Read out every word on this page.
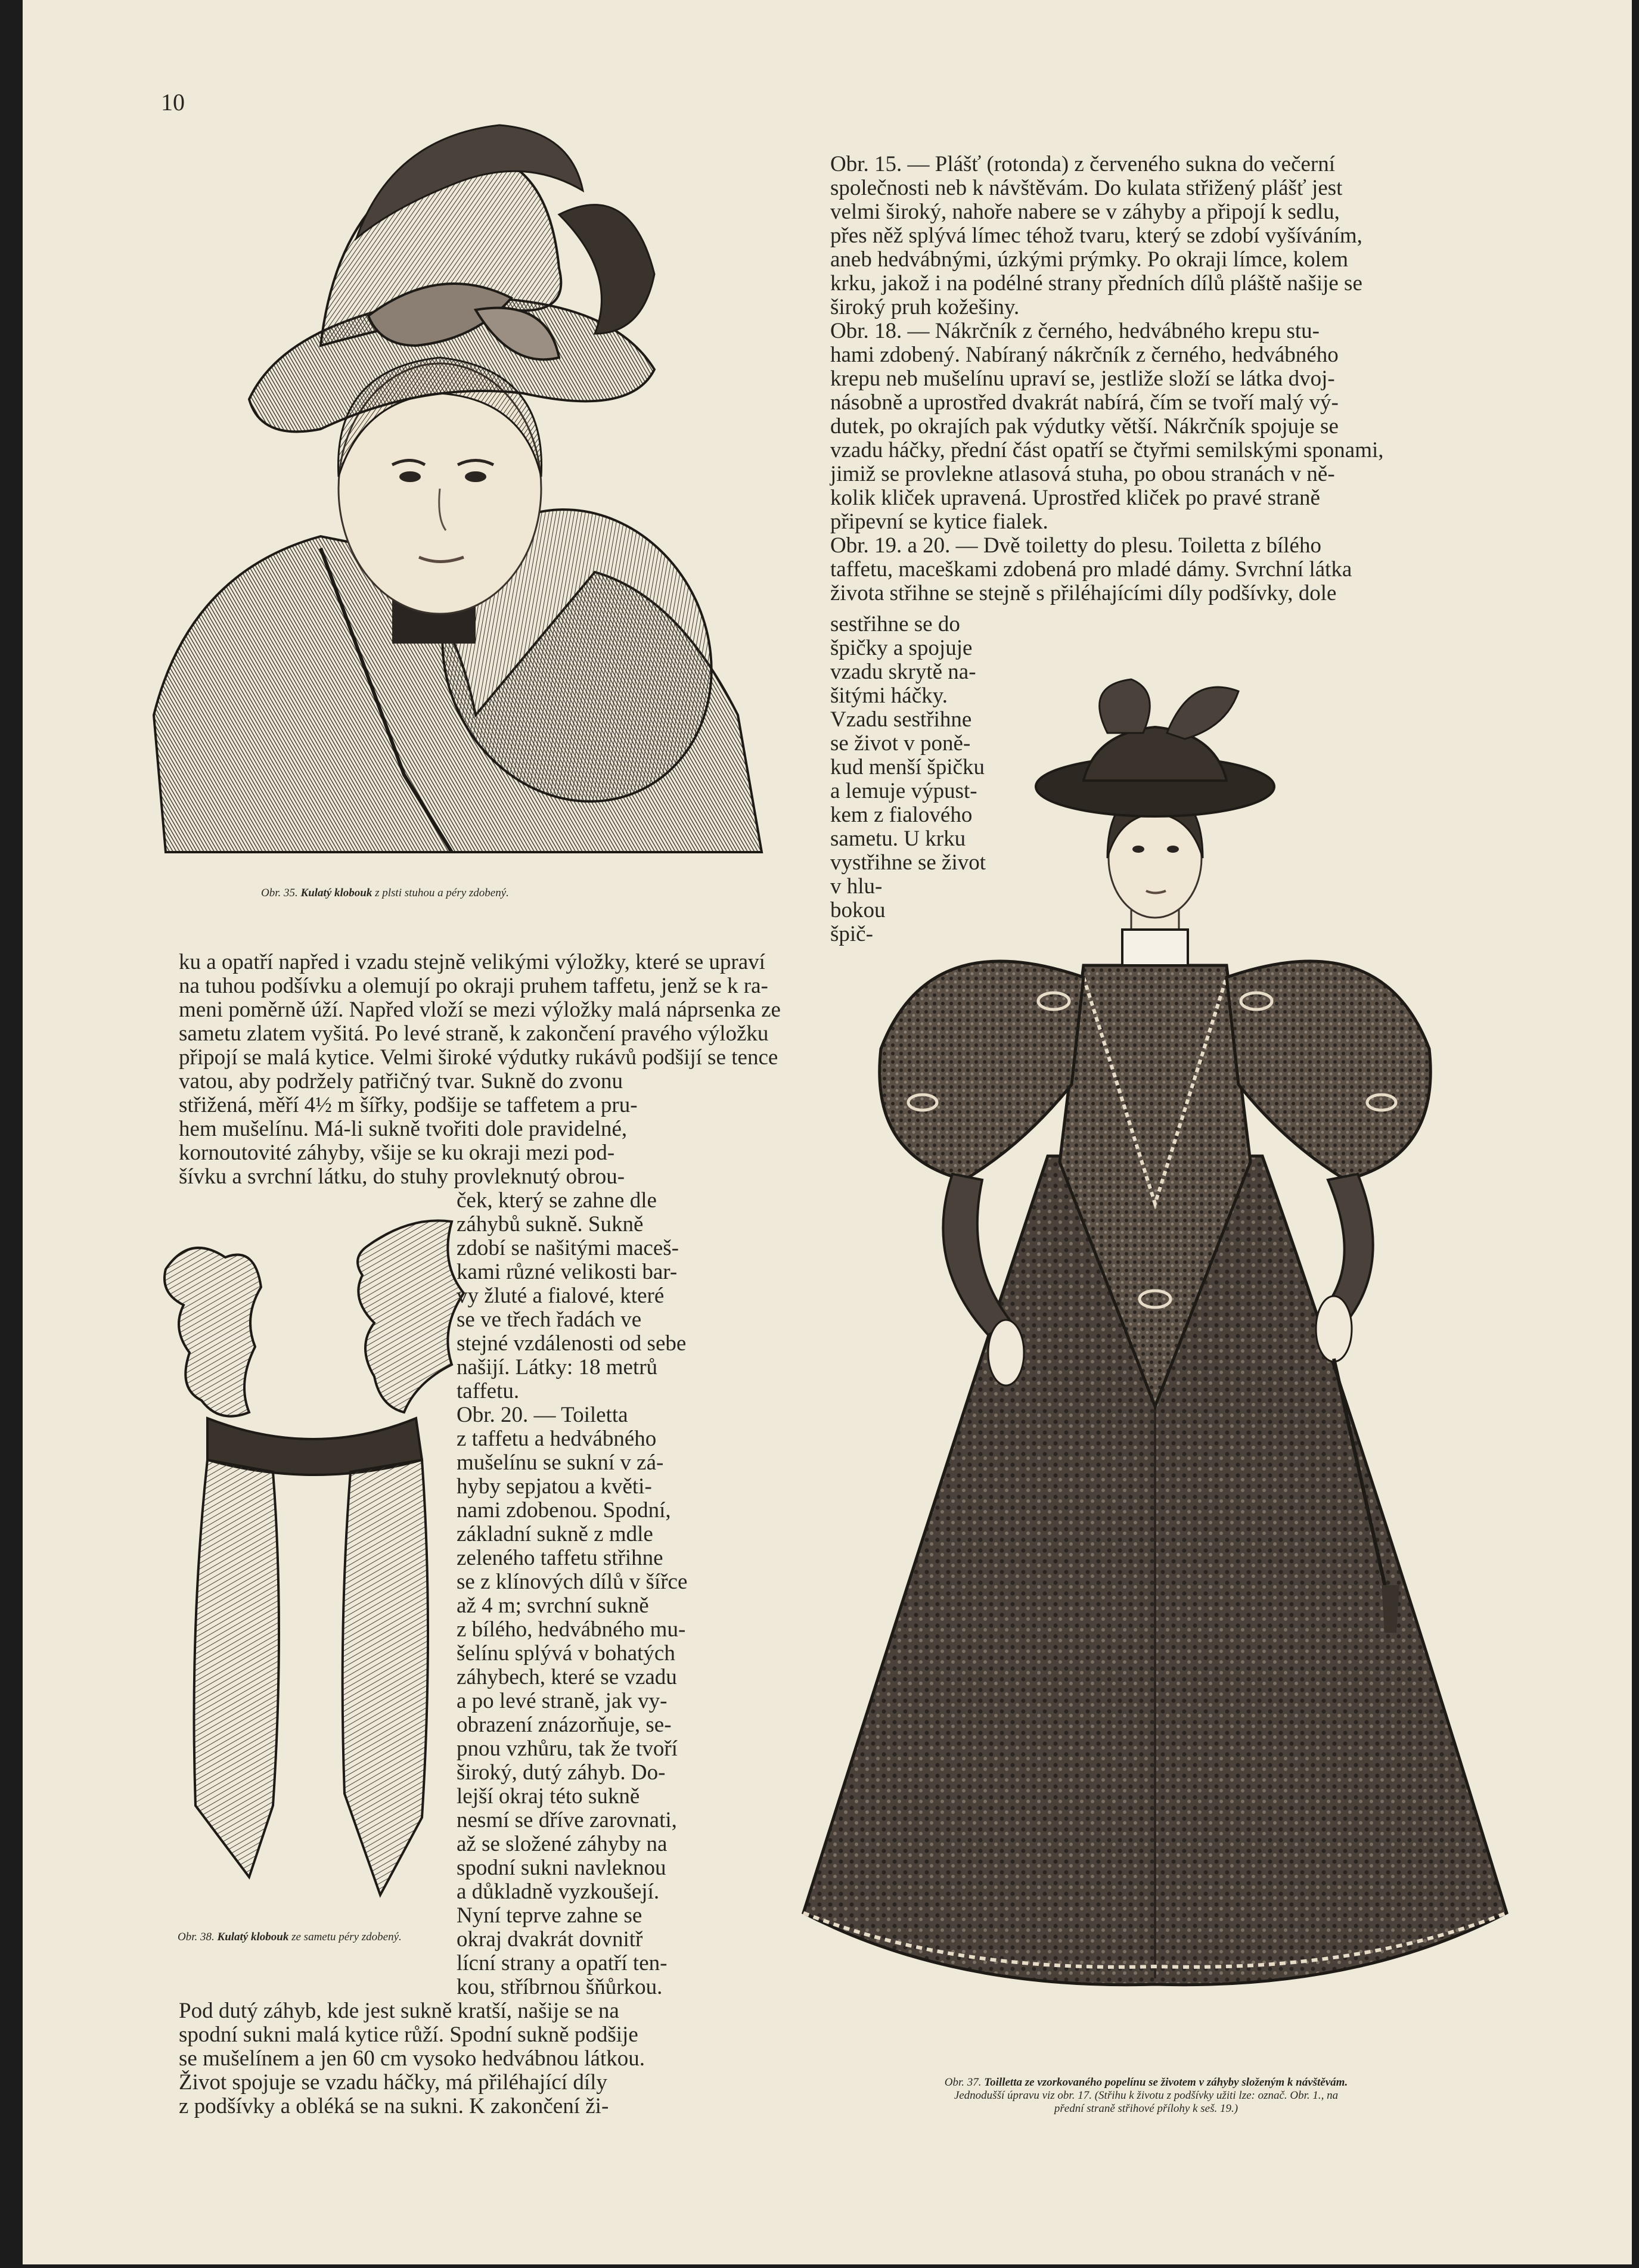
10
Obr. 35. Kulatý klobouk z plsti stuhou a péry zdobený.
Obr. 38. Kulatý klobouk ze sametu péry zdobený.
Obr. 37. Toilletta ze vzorkovaného popelínu se životem v záhyby složeným k návštěvám.
Jednodušší úpravu viz obr. 17. (Střihu k životu z podšívky užiti lze: označ. Obr. 1., na
přední straně střihové přílohy k seš. 19.)
Obr. 15. — Plášť (rotonda) z červeného sukna do večerní
společnosti neb k návštěvám. Do kulata střižený plášť jest
velmi široký, nahoře nabere se v záhyby a připojí k sedlu,
přes něž splývá límec téhož tvaru, který se zdobí vyšíváním,
aneb hedvábnými, úzkými prýmky. Po okraji límce, kolem
krku, jakož i na podélné strany předních dílů pláště našije se
široký pruh kožešiny.
Obr. 18. — Nákrčník z černého, hedvábného krepu stu-
hami zdobený. Nabíraný nákrčník z černého, hedvábného
krepu neb mušelínu upraví se, jestliže složí se látka dvoj-
násobně a uprostřed dvakrát nabírá, čím se tvoří malý vý-
dutek, po okrajích pak výdutky větší. Nákrčník spojuje se
vzadu háčky, přední část opatří se čtyřmi semilskými sponami,
jimiž se provlekne atlasová stuha, po obou stranách v ně-
kolik kliček upravená. Uprostřed kliček po pravé straně
připevní se kytice fialek.
Obr. 19. a 20. — Dvě toiletty do plesu. Toiletta z bílého
taffetu, maceškami zdobená pro mladé dámy. Svrchní látka
života střihne se stejně s přiléhajícími díly podšívky, dole
sestřihne se do
špičky a spojuje
vzadu skrytě na-
šitými háčky.
Vzadu sestřihne
se život v poně-
kud menší špičku
a lemuje výpust-
kem z fialového
sametu. U krku
vystřihne se život
v hlu-
bokou
špič-
ku a opatří napřed i vzadu stejně velikými výložky, které se upraví
na tuhou podšívku a olemují po okraji pruhem taffetu, jenž se k ra-
meni poměrně úží. Napřed vloží se mezi výložky malá náprsenka ze
sametu zlatem vyšitá. Po levé straně, k zakončení pravého výložku
připojí se malá kytice. Velmi široké výdutky rukávů podšijí se tence
vatou, aby podržely patřičný tvar. Sukně do zvonu
střižená, měří 4½ m šířky, podšije se taffetem a pru-
hem mušelínu. Má-li sukně tvořiti dole pravidelné,
kornoutovité záhyby, všije se ku okraji mezi pod-
šívku a svrchní látku, do stuhy provleknutý obrou-
ček, který se zahne dle
záhybů sukně. Sukně
zdobí se našitými maceš-
kami různé velikosti bar-
vy žluté a fialové, které
se ve třech řadách ve
stejné vzdálenosti od sebe
našijí. Látky: 18 metrů
taffetu.
Obr. 20. — Toiletta
z taffetu a hedvábného
mušelínu se sukní v zá-
hyby sepjatou a květi-
nami zdobenou. Spodní,
základní sukně z mdle
zeleného taffetu střihne
se z klínových dílů v šířce
až 4 m; svrchní sukně
z bílého, hedvábného mu-
šelínu splývá v bohatých
záhybech, které se vzadu
a po levé straně, jak vy-
obrazení znázorňuje, se-
pnou vzhůru, tak že tvoří
široký, dutý záhyb. Do-
lejší okraj této sukně
nesmí se dříve zarovnati,
až se složené záhyby na
spodní sukni navleknou
a důkladně vyzkoušejí.
Nyní teprve zahne se
okraj dvakrát dovnitř
lícní strany a opatří ten-
kou, stříbrnou šňůrkou.
Pod dutý záhyb, kde jest sukně kratší, našije se na
spodní sukni malá kytice růží. Spodní sukně podšije
se mušelínem a jen 60 cm vysoko hedvábnou látkou.
Život spojuje se vzadu háčky, má přiléhající díly
z podšívky a obléká se na sukni. K zakončení ži-
